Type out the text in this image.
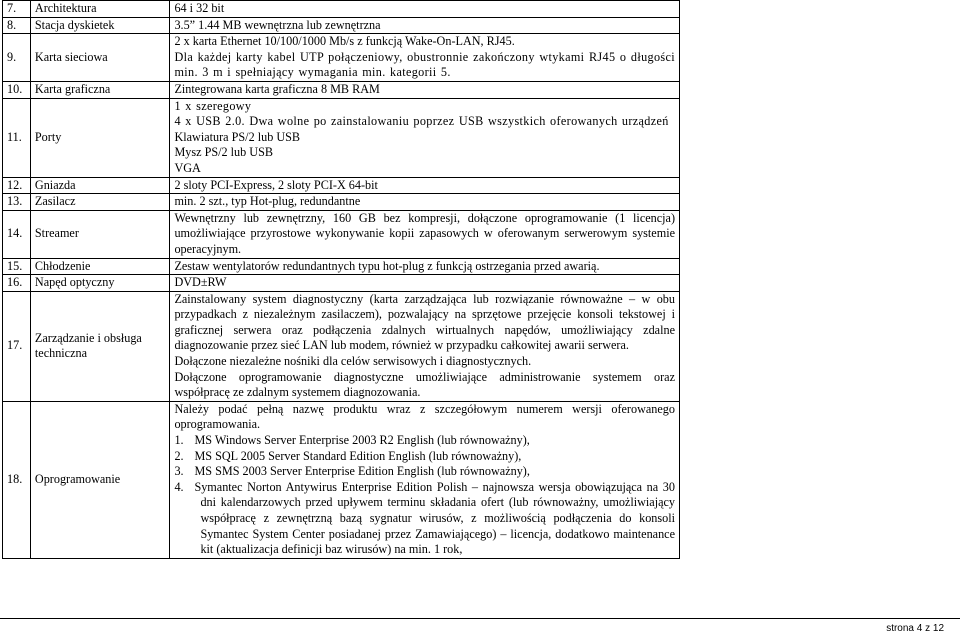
7.	Architektura	64 i 32 bit
8.	Stacja dyskietek	3.5” 1.44 MB wewnętrzna lub zewnętrzna
9.	Karta sieciowa	2 x karta Ethernet 10/100/1000 Mb/s z funkcją Wake-On-LAN, RJ45.
Dla każdej karty kabel UTP połączeniowy, obustronnie zakończony wtykami RJ45 o długości min. 3 m i spełniający wymagania min. kategorii 5.

10.	Karta graficzna	Zintegrowana karta graficzna 8 MB RAM
11.	Porty	1 x szeregowy
4 x USB 2.0. Dwa wolne po zainstalowaniu poprzez USB wszystkich oferowanych urządzeń
Klawiatura PS/2 lub USB
Mysz PS/2 lub USB
VGA

12.	Gniazda	2 sloty PCI-Express, 2 sloty PCI-X 64-bit
13.	Zasilacz	min. 2 szt., typ Hot-plug, redundantne
14.	Streamer	Wewnętrzny lub zewnętrzny, 160 GB bez kompresji, dołączone oprogramowanie (1 licencja) umożliwiające przyrostowe wykonywanie kopii zapasowych w oferowanym serwerowym systemie operacyjnym.
15.	Chłodzenie	Zestaw wentylatorów redundantnych typu hot-plug z funkcją ostrzegania przed awarią.
16.	Napęd optyczny	DVD±RW
17.	Zarządzanie i obsługa techniczna	Zainstalowany system diagnostyczny (karta zarządzająca lub rozwiązanie równoważne – w obu przypadkach z niezależnym zasilaczem), pozwalający na sprzętowe przejęcie konsoli tekstowej i graficznej serwera oraz podłączenia zdalnych wirtualnych napędów, umożliwiający zdalne diagnozowanie przez sieć LAN lub modem, również w przypadku całkowitej awarii serwera.
Dołączone niezależne nośniki dla celów serwisowych i diagnostycznych.
Dołączone oprogramowanie diagnostyczne umożliwiające administrowanie systemem oraz współpracę ze zdalnym systemem diagnozowania.

18.	Oprogramowanie	Należy podać pełną nazwę produktu wraz z szczegółowym numerem wersji oferowanego oprogramowania.
1. MS Windows Server Enterprise 2003 R2 English (lub równoważny),
2. MS SQL 2005 Server Standard Edition English (lub równoważny),
3. MS SMS 2003 Server Enterprise Edition English (lub równoważny),
4. Symantec Norton Antywirus Enterprise Edition Polish – najnowsza wersja obowiązująca na 30 dni kalendarzowych przed upływem terminu składania ofert (lub równoważny, umożliwiający współpracę z zewnętrzną bazą sygnatur wirusów, z możliwością podłączenia do konsoli Symantec System Center posiadanej przez Zamawiającego) – licencja, dodatkowo maintenance kit (aktualizacja definicji baz wirusów) na min. 1 rok,
strona 4 z 12
